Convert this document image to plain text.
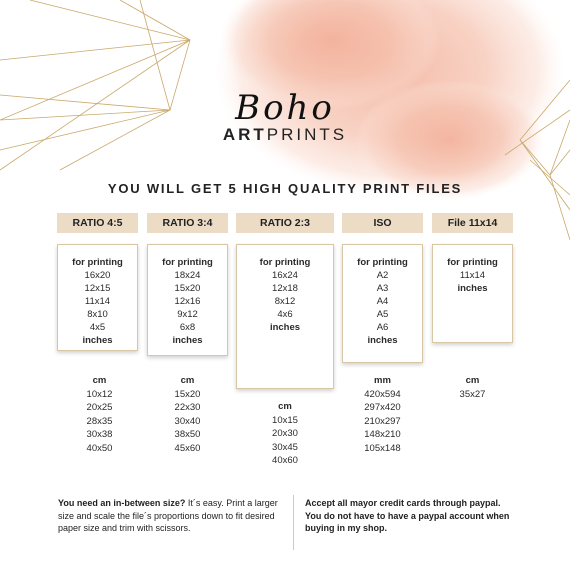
Boho
ARTPRINTS
YOU WILL GET 5 HIGH QUALITY PRINT FILES
RATIO 4:5
for printing
16x20
12x15
11x14
8x10
4x5
inches
cm
10x12
20x25
28x35
30x38
40x50
RATIO 3:4
for printing
18x24
15x20
12x16
9x12
6x8
inches
cm
15x20
22x30
30x40
38x50
45x60
RATIO 2:3
for printing
16x24
12x18
8x12
4x6
inches
cm
10x15
20x30
30x45
40x60
ISO
for printing
A2
A3
A4
A5
A6
inches
mm
420x594
297x420
210x297
148x210
105x148
File 11x14
for printing
11x14
inches
cm
35x27
You need an in-between size? It´s easy. Print a larger size and scale the file´s proportions down to fit desired paper size and trim with scissors.
Accept all mayor credit cards through paypal.
You do not have to have a paypal account when buying in my shop.
